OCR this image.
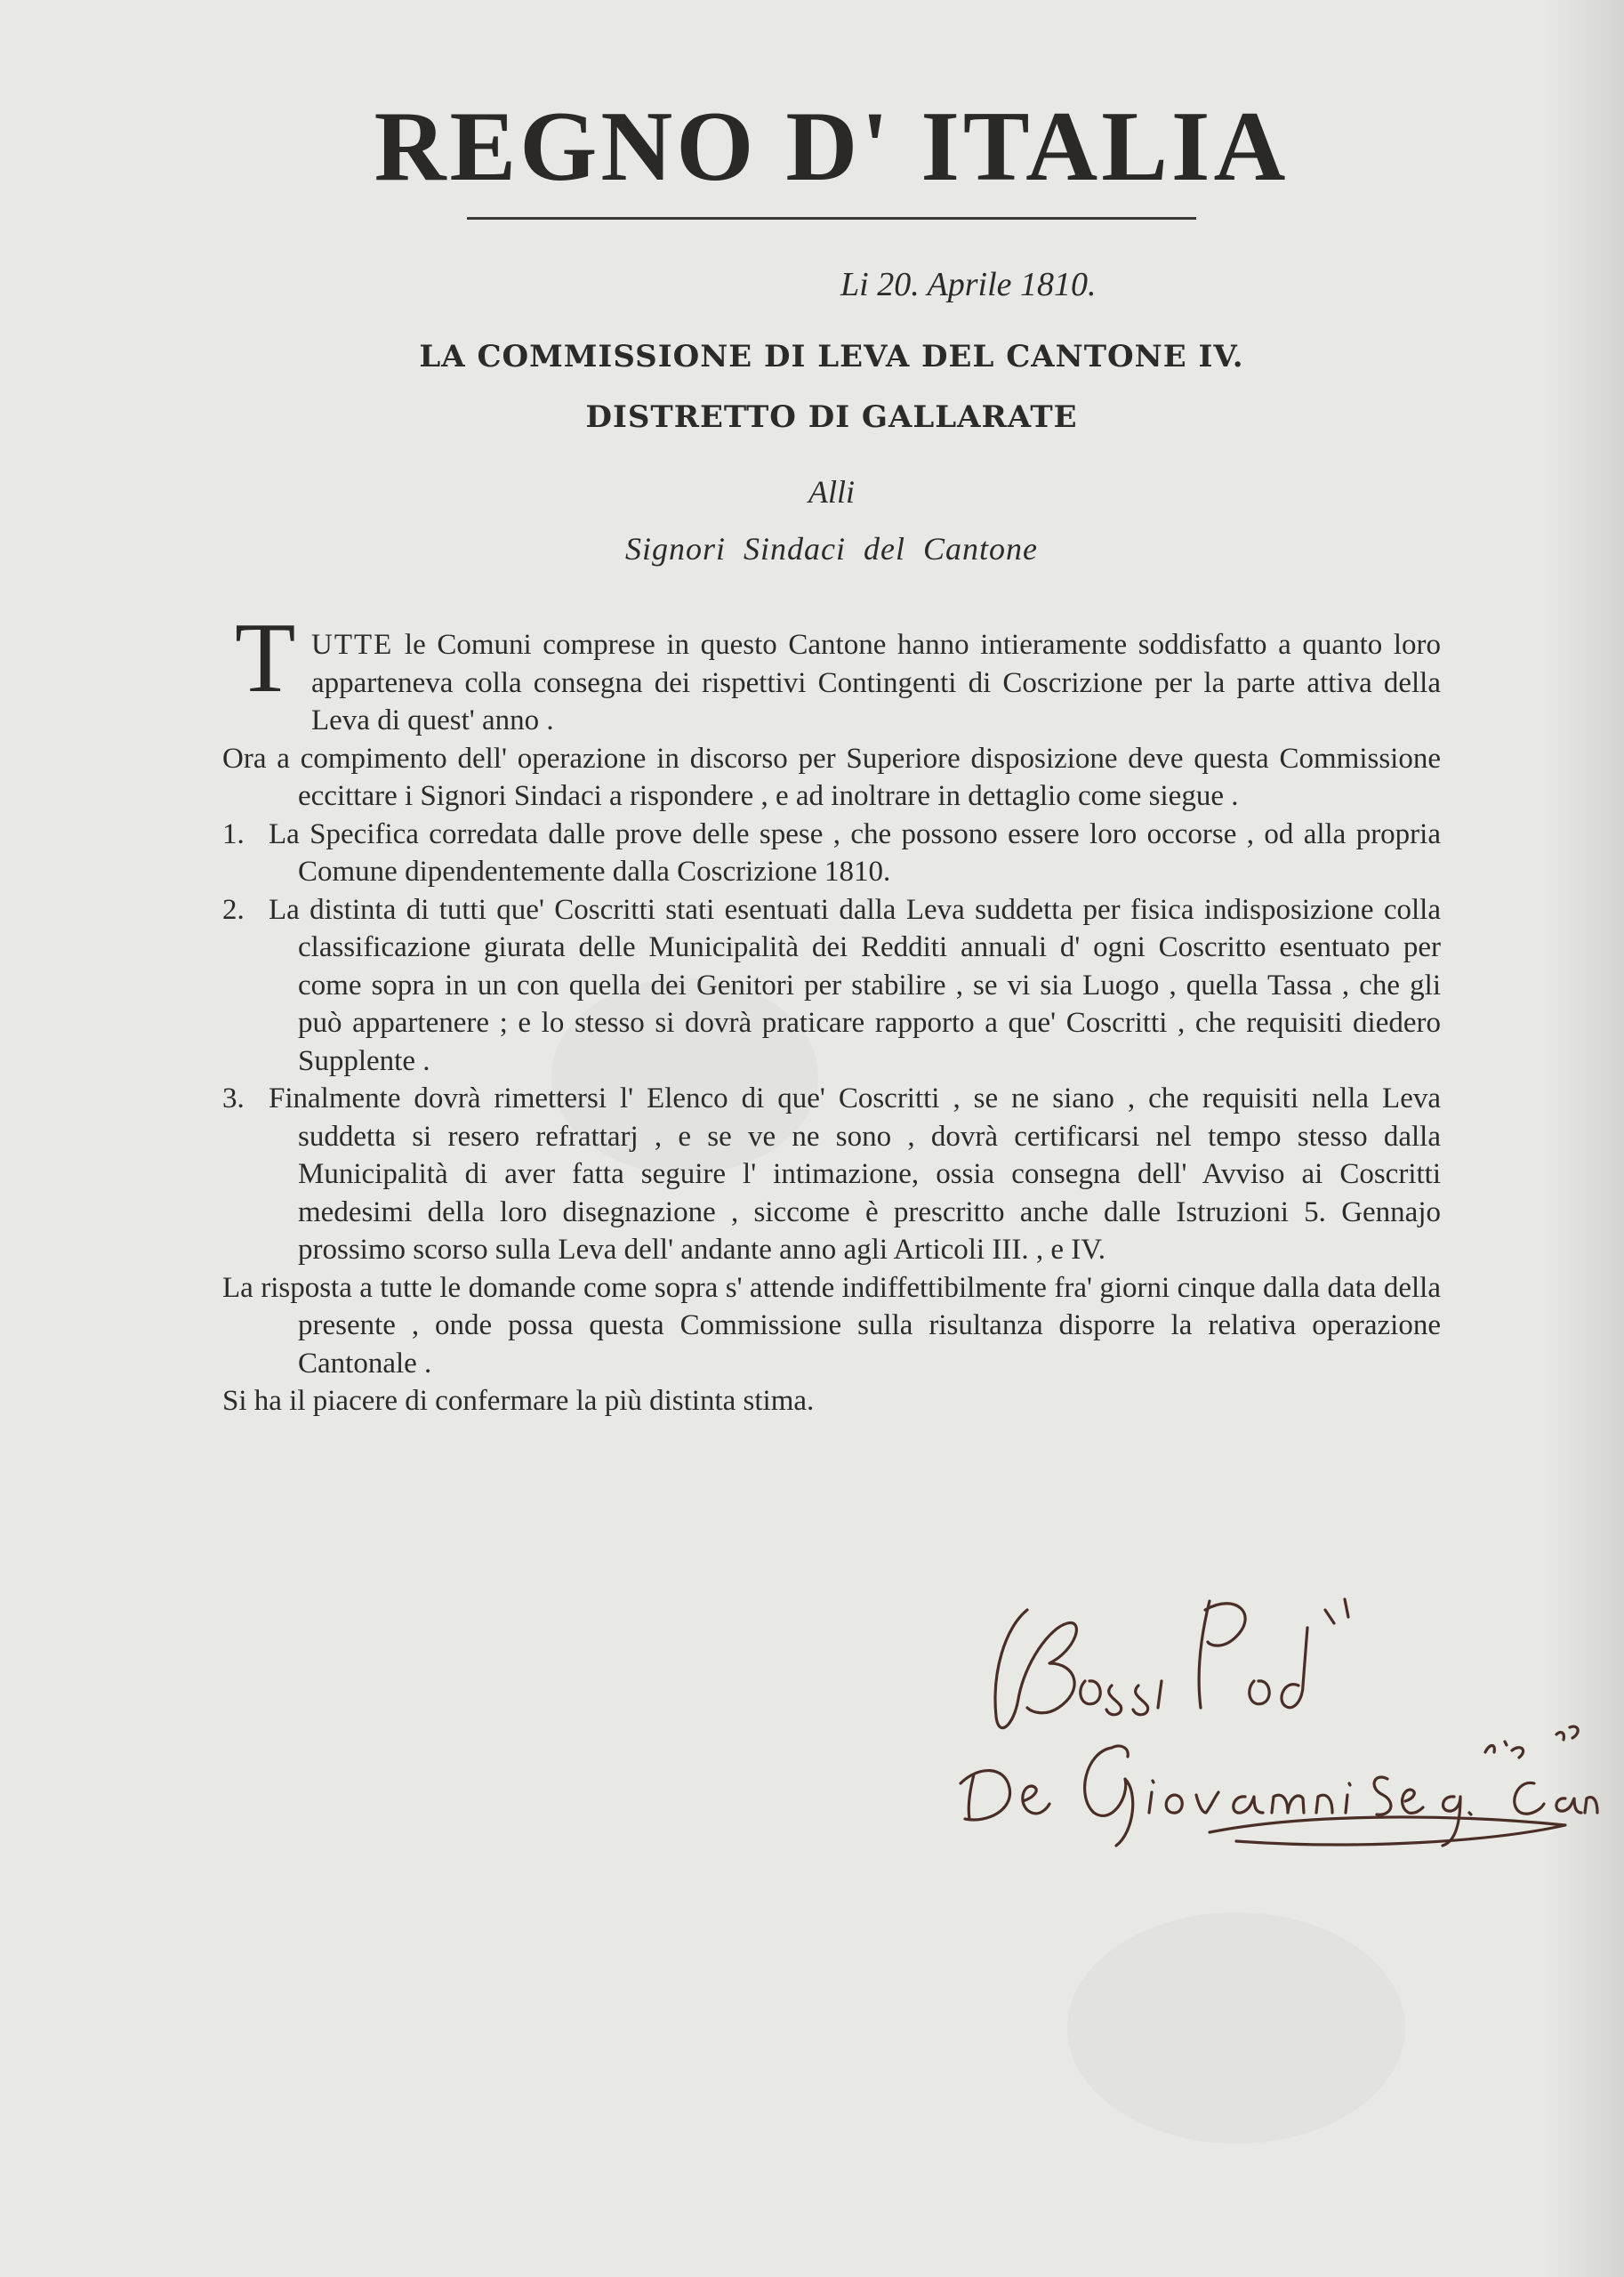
REGNO D' ITALIA
Li 20. Aprile 1810.
LA COMMISSIONE DI LEVA DEL CANTONE IV.
DISTRETTO DI GALLARATE
Alli
Signori Sindaci del Cantone

T UTTE le Comuni comprese in questo Cantone hanno intieramente soddisfatto a quanto loro apparteneva colla consegna dei rispettivi Contingenti di Coscrizione per la parte attiva della Leva di quest' anno .

Ora a compimento dell' operazione in discorso per Superiore disposizione deve questa Commissione eccittare i Signori Sindaci a rispondere , e ad inoltrare in dettaglio come siegue .

1. La Specifica corredata dalle prove delle spese , che possono essere loro occorse , od alla propria Comune dipendentemente dalla Coscrizione 1810.

2. La distinta di tutti que' Coscritti stati esentuati dalla Leva suddetta per fisica indisposizione colla classificazione giurata delle Municipalità dei Redditi annuali d' ogni Coscritto esentuato per come sopra in un con quella dei Genitori per stabilire , se vi sia Luogo , quella Tassa , che gli può appartenere ; e lo stesso si dovrà praticare rapporto a que' Coscritti , che requisiti diedero Supplente .

3. Finalmente dovrà rimettersi l' Elenco di que' Coscritti , se ne siano , che requisiti nella Leva suddetta si resero refrattarj , e se ve ne sono , dovrà certificarsi nel tempo stesso dalla Municipalità di aver fatta seguire l' intimazione, ossia consegna dell' Avviso ai Coscritti medesimi della loro disegnazione , siccome è prescritto anche dalle Istruzioni 5. Gennajo prossimo scorso sulla Leva dell' andante anno agli Articoli III. , e IV.

La risposta a tutte le domande come sopra s' attende indiffettibilmente fra' giorni cinque dalla data della presente , onde possa questa Commissione sulla risultanza disporre la relativa operazione Cantonale .

Si ha il piacere di confermare la più distinta stima.
